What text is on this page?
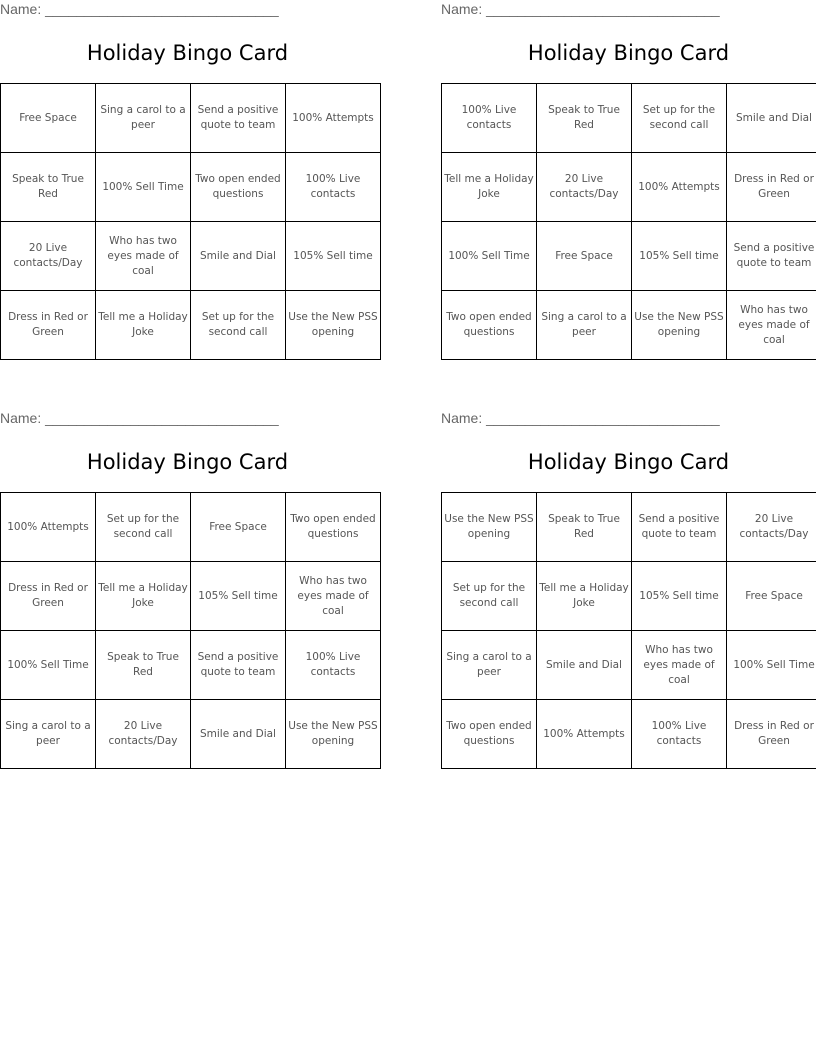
Name: ______________________________
Holiday Bingo Card
Free Space	Sing a carol to a peer	Send a positive quote to team	100% Attempts
Speak to True Red	100% Sell Time	Two open ended questions	100% Live contacts
20 Live contacts/Day	Who has two eyes made of coal	Smile and Dial	105% Sell time
Dress in Red or Green	Tell me a Holiday Joke	Set up for the second call	Use the New PSS opening
Name: ______________________________
Holiday Bingo Card
100% Live contacts	Speak to True Red	Set up for the second call	Smile and Dial
Tell me a Holiday Joke	20 Live contacts/Day	100% Attempts	Dress in Red or Green
100% Sell Time	Free Space	105% Sell time	Send a positive quote to team
Two open ended questions	Sing a carol to a peer	Use the New PSS opening	Who has two eyes made of coal
Name: ______________________________
Holiday Bingo Card
100% Attempts	Set up for the second call	Free Space	Two open ended questions
Dress in Red or Green	Tell me a Holiday Joke	105% Sell time	Who has two eyes made of coal
100% Sell Time	Speak to True Red	Send a positive quote to team	100% Live contacts
Sing a carol to a peer	20 Live contacts/Day	Smile and Dial	Use the New PSS opening
Name: ______________________________
Holiday Bingo Card
Use the New PSS opening	Speak to True Red	Send a positive quote to team	20 Live contacts/Day
Set up for the second call	Tell me a Holiday Joke	105% Sell time	Free Space
Sing a carol to a peer	Smile and Dial	Who has two eyes made of coal	100% Sell Time
Two open ended questions	100% Attempts	100% Live contacts	Dress in Red or Green
